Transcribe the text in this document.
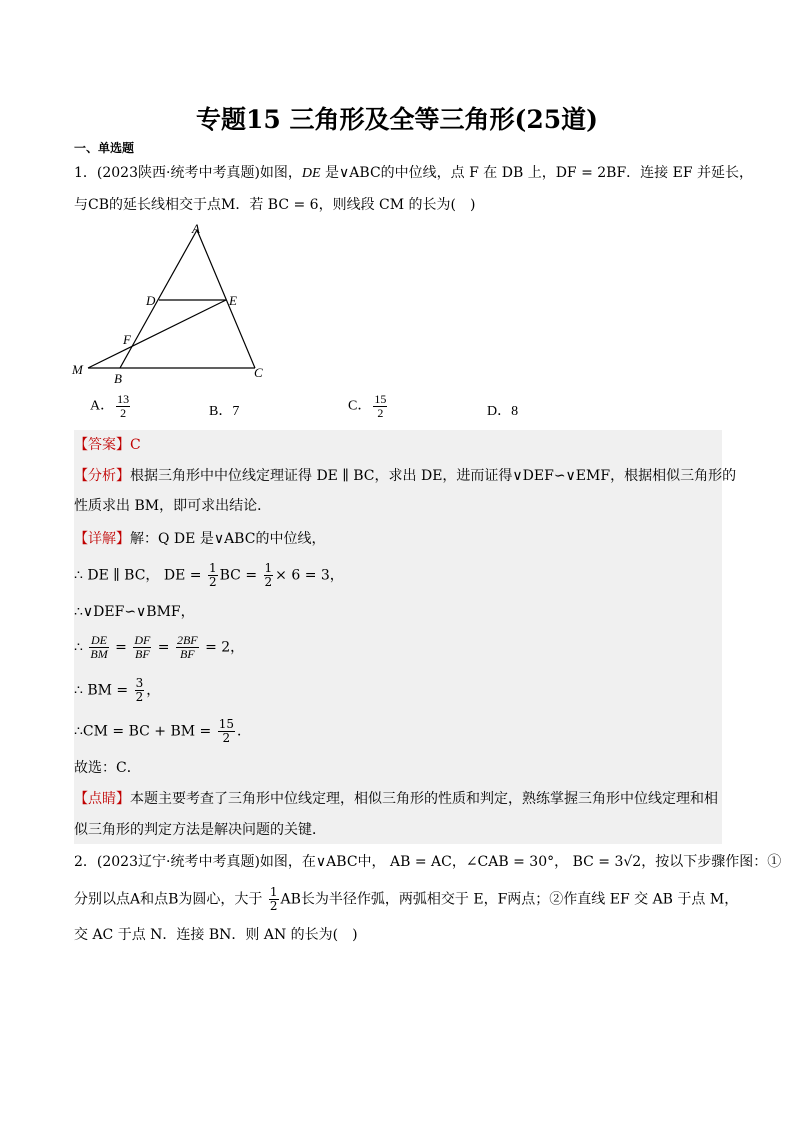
专题15 三角形及全等三角形(25道)
一、单选题
1．(2023陕西·统考中考真题)如图，DE 是∨ABC的中位线，点 F 在 DB 上，DF = 2BF．连接 EF 并延长，
与CB的延长线相交于点M．若 BC = 6，则线段 CM 的长为(　)
A
D	E
F
M
B	C
A． $\frac{13}{2}$	B．7	C． $\frac{15}{2}$	D．8
【答案】C
【分析】根据三角形中中位线定理证得 DE ∥ BC，求出 DE，进而证得∨DEF∽∨EMF，根据相似三角形的
性质求出 BM，即可求出结论．
【详解】解：Q DE 是∨ABC的中位线，
∴ DE ∥ BC， DE = $\frac{1}{2}$ BC = $\frac{1}{2} \times 6 = 3$，
∴∨DEF∽∨BMF，
∴ $\frac{DE}{BM} = \frac{DF}{BF} = \frac{2BF}{BF} = 2$，
∴ BM = $\frac{3}{2}$ ，
∴CM = BC + BM = $\frac{15}{2}$ ．
故选：C．
【点睛】本题主要考查了三角形中位线定理，相似三角形的性质和判定，熟练掌握三角形中位线定理和相
似三角形的判定方法是解决问题的关键．
2．(2023辽宁·统考中考真题)如图，在∨ABC中， AB = AC，∠CAB = 30°， BC = 3√2，按以下步骤作图：①
分别以点A和点B为圆心，大于 $\frac{1}{2}$ AB长为半径作弧，两弧相交于 E，F两点；②作直线 EF 交 AB 于点 M，
交 AC 于点 N．连接 BN．则 AN 的长为(　)
